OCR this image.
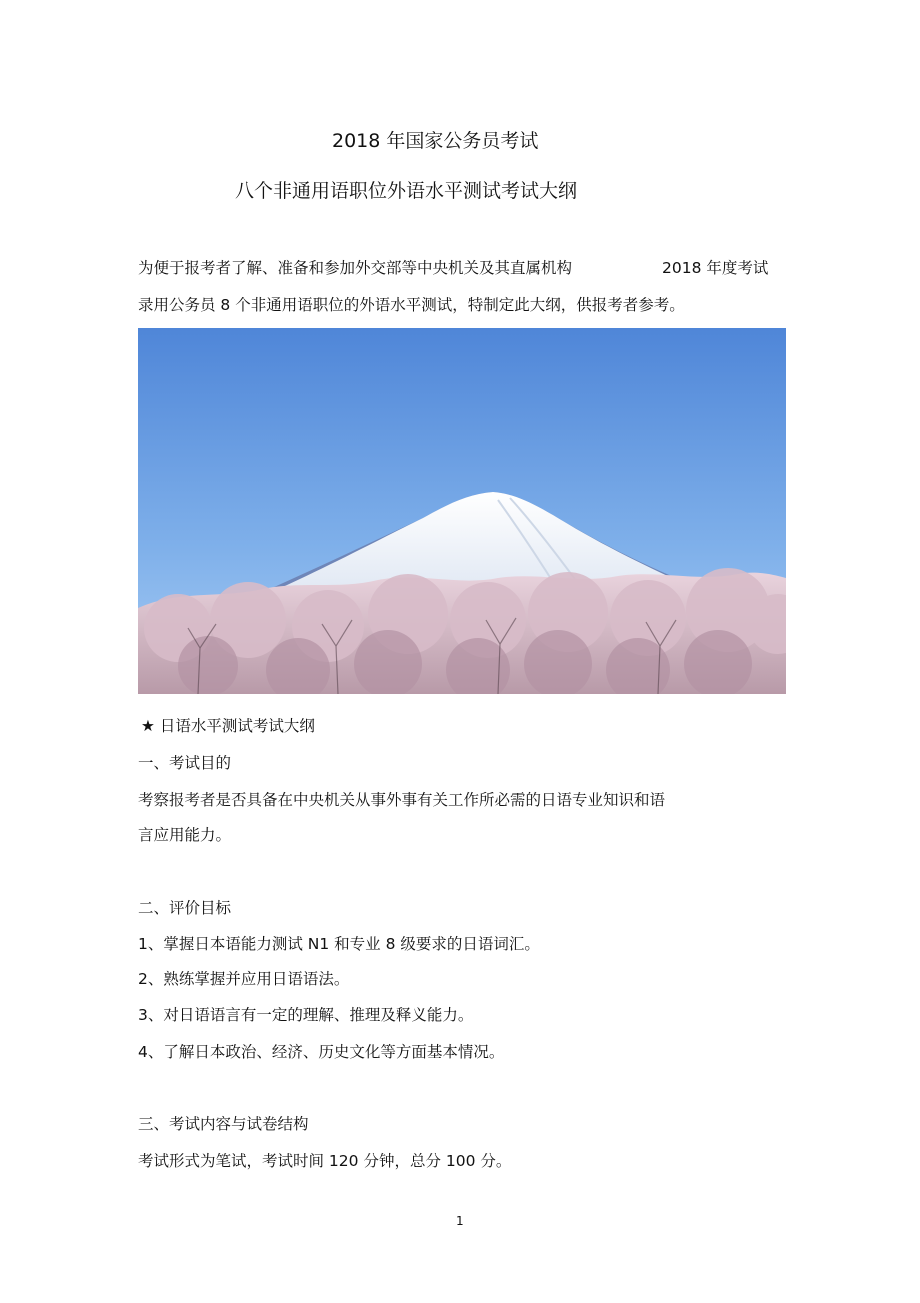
2018 年国家公务员考试
八个非通用语职位外语水平测试考试大纲
为便于报考者了解、准备和参加外交部等中央机关及其直属机构	2018 年度考试
录用公务员 8 个非通用语职位的外语水平测试，特制定此大纲，供报考者参考。
★ 日语水平测试考试大纲
一、考试目的
考察报考者是否具备在中央机关从事外事有关工作所必需的日语专业知识和语
言应用能力。
二、评价目标
1、掌握日本语能力测试 N1 和专业 8 级要求的日语词汇。
2、熟练掌握并应用日语语法。
3、对日语语言有一定的理解、推理及释义能力。
4、了解日本政治、经济、历史文化等方面基本情况。
三、考试内容与试卷结构
考试形式为笔试，考试时间 120 分钟，总分 100 分。
1
